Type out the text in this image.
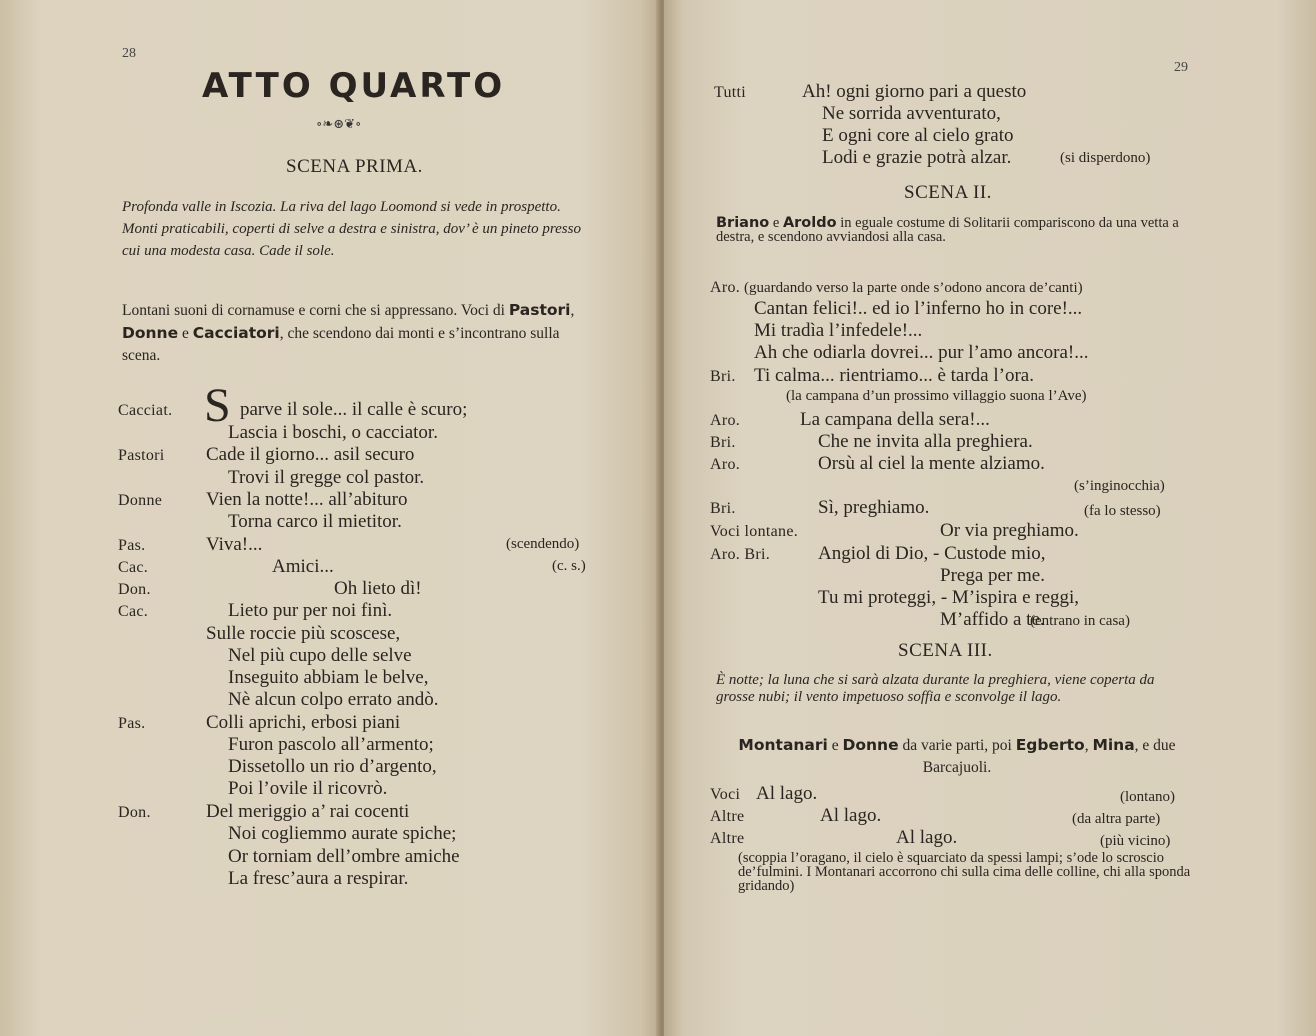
28
ATTO QUARTO
∘❧⊛❦∘
SCENA PRIMA.
Profonda valle in Iscozia. La riva del lago Loomond si vede in prospetto. Monti praticabili, coperti di selve a destra e sinistra, dov’ è un pineto presso cui una modesta casa. Cade il sole.
Lontani suoni di cornamuse e corni che si appressano. Voci di Pastori, Donne e Cacciatori, che scendono dai monti e s’incontrano sulla scena.
S
Cacciat.	parve il sole... il calle è scuro;
Lascia i boschi, o cacciator.
Pastori Cade il giorno... asil securo
Trovi il gregge col pastor.
Donne Vien la notte!... all’abituro
Torna carco il mietitor.
Pas.	Viva!...	(scendendo)
Cac.	Amici...	(c. s.)
Don.	Oh lieto dì!
Cac.	Lieto pur per noi finì.
Sulle roccie più scoscese,
Nel più cupo delle selve
Inseguito abbiam le belve,
Nè alcun colpo errato andò.
Pas.	Colli aprichi, erbosi piani
Furon pascolo all’armento;
Dissetollo un rio d’argento,
Poi l’ovile il ricovrò.
Don.	Del meriggio a’ rai cocenti
Noi cogliemmo aurate spiche;
Or torniam dell’ombre amiche
La fresc’aura a respirar.
29
Tutti	Ah! ogni giorno pari a questo
Ne sorrida avventurato,
E ogni core al cielo grato
Lodi e grazie potrà alzar.	(si disperdono)
SCENA II.
Briano e Aroldo in eguale costume di Solitarii compariscono da una vetta a destra, e scendono avviandosi alla casa.
Aro. (guardando verso la parte onde s’odono ancora de’canti)
Cantan felici!.. ed io l’inferno ho in core!...
Mi tradìa l’infedele!...
Ah che odiarla dovrei... pur l’amo ancora!...
Bri. Ti calma... rientriamo... è tarda l’ora.
(la campana d’un prossimo villaggio suona l’Ave)
Aro.	La campana della sera!...
Bri.	Che ne invita alla preghiera.
Aro.	Orsù al ciel la mente alziamo.
(s’inginocchia)
Bri.	Sì, preghiamo.	(fa lo stesso)
Voci lontane.	Or via preghiamo.
Aro. Bri.	Angiol di Dio, - Custode mio,
Prega per me.
Tu mi proteggi, - M’ispira e reggi,
M’affido a te.
(entrano in casa)
SCENA III.
È notte; la luna che si sarà alzata durante la preghiera, viene coperta da grosse nubi; il vento impetuoso soffia e sconvolge il lago.
Montanari e Donne da varie parti, poi Egberto, Mina, e due Barcajuoli.
Voci Al lago.	(lontano)
Altre	Al lago.	(da altra parte)
Altre	Al lago.	(più vicino)
(scoppia l’oragano, il cielo è squarciato da spessi lampi; s’ode lo scroscio de’fulmini. I Montanari accorrono chi sulla cima delle colline, chi alla sponda gridando)
